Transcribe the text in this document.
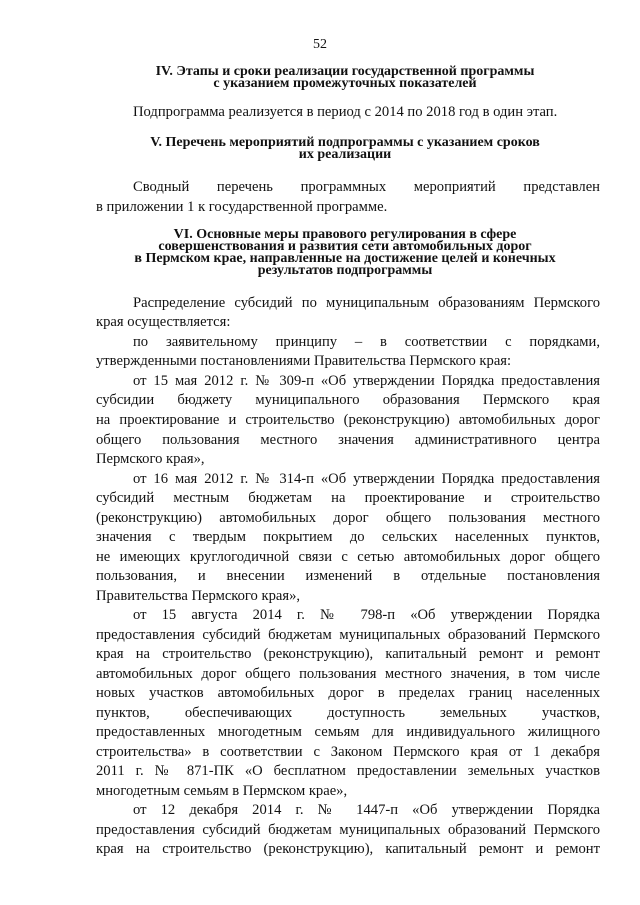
52
IV. Этапы и сроки реализации государственной программы
с указанием промежуточных показателей
Подпрограмма реализуется в период с 2014 по 2018 год в один этап.
V. Перечень мероприятий подпрограммы с указанием сроков
их реализации
Сводный перечень программных мероприятий представлен
в приложении 1 к государственной программе.
VI. Основные меры правового регулирования в сфере
совершенствования и развития сети автомобильных дорог
в Пермском крае, направленные на достижение целей и конечных
результатов подпрограммы
Распределение субсидий по муниципальным образованиям Пермского
края осуществляется:
по заявительному принципу – в соответствии с порядками,
утвержденными постановлениями Правительства Пермского края:
от 15 мая 2012 г. № 309-п «Об утверждении Порядка предоставления
субсидии бюджету муниципального образования Пермского края
на проектирование и строительство (реконструкцию) автомобильных дорог
общего пользования местного значения административного центра
Пермского края»,
от 16 мая 2012 г. № 314-п «Об утверждении Порядка предоставления
субсидий местным бюджетам на проектирование и строительство
(реконструкцию) автомобильных дорог общего пользования местного
значения с твердым покрытием до сельских населенных пунктов,
не имеющих круглогодичной связи с сетью автомобильных дорог общего
пользования, и внесении изменений в отдельные постановления
Правительства Пермского края»,
от 15 августа 2014 г. № 798-п «Об утверждении Порядка
предоставления субсидий бюджетам муниципальных образований Пермского
края на строительство (реконструкцию), капитальный ремонт и ремонт
автомобильных дорог общего пользования местного значения, в том числе
новых участков автомобильных дорог в пределах границ населенных
пунктов, обеспечивающих доступность земельных участков,
предоставленных многодетным семьям для индивидуального жилищного
строительства» в соответствии с Законом Пермского края от 1 декабря
2011 г. № 871-ПК «О бесплатном предоставлении земельных участков
многодетным семьям в Пермском крае»,
от 12 декабря 2014 г. № 1447-п «Об утверждении Порядка
предоставления субсидий бюджетам муниципальных образований Пермского
края на строительство (реконструкцию), капитальный ремонт и ремонт
